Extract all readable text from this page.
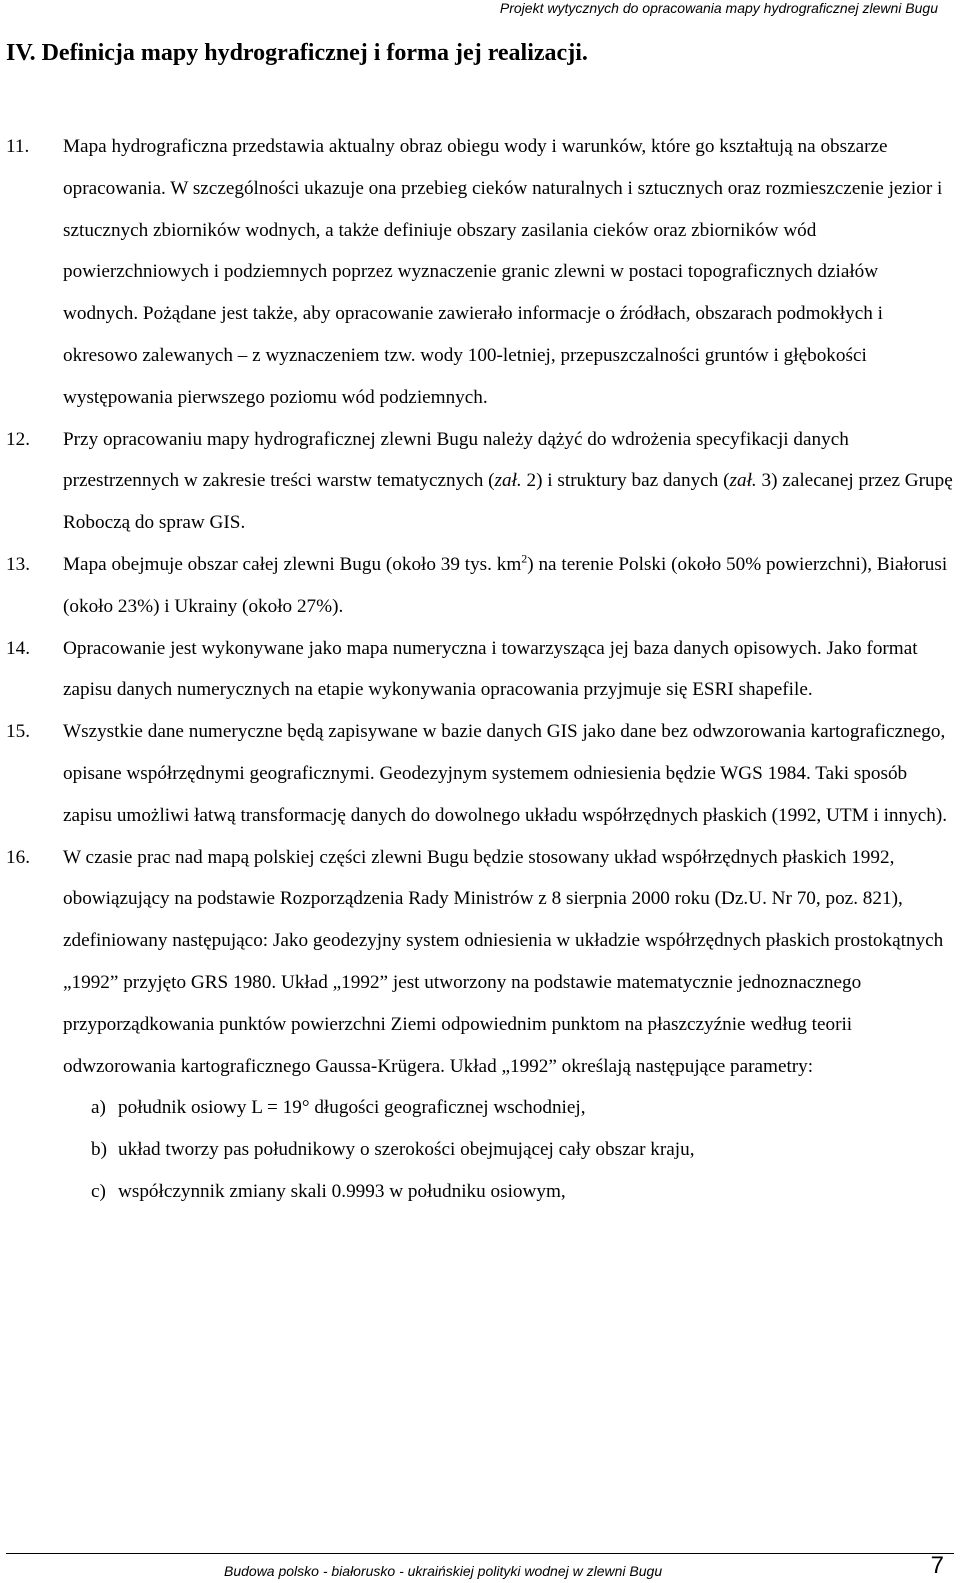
Projekt wytycznych do opracowania mapy hydrograficznej zlewni Bugu
IV. Definicja mapy hydrograficznej i forma jej realizacji.
11. Mapa hydrograficzna przedstawia aktualny obraz obiegu wody i warunków, które go kształtują na obszarze opracowania. W szczególności ukazuje ona przebieg cieków naturalnych i sztucznych oraz rozmieszczenie jezior i sztucznych zbiorników wodnych, a także definiuje obszary zasilania cieków oraz zbiorników wód powierzchniowych i podziemnych poprzez wyznaczenie granic zlewni w postaci topograficznych działów wodnych. Pożądane jest także, aby opracowanie zawierało informacje o źródłach, obszarach podmokłych i okresowo zalewanych – z wyznaczeniem tzw. wody 100-letniej, przepuszczalności gruntów i głębokości występowania pierwszego poziomu wód podziemnych.
12. Przy opracowaniu mapy hydrograficznej zlewni Bugu należy dążyć do wdrożenia specyfikacji danych przestrzennych w zakresie treści warstw tematycznych (zał. 2) i struktury baz danych (zał. 3) zalecanej przez Grupę Roboczą do spraw GIS.
13. Mapa obejmuje obszar całej zlewni Bugu (około 39 tys. $km^2$) na terenie Polski (około 50% powierzchni), Białorusi (około 23%) i Ukrainy (około 27%).
14. Opracowanie jest wykonywane jako mapa numeryczna i towarzysząca jej baza danych opisowych. Jako format zapisu danych numerycznych na etapie wykonywania opracowania przyjmuje się ESRI shapefile.
15. Wszystkie dane numeryczne będą zapisywane w bazie danych GIS jako dane bez odwzorowania kartograficznego, opisane współrzędnymi geograficznymi. Geodezyjnym systemem odniesienia będzie WGS 1984. Taki sposób zapisu umożliwi łatwą transformację danych do dowolnego układu współrzędnych płaskich (1992, UTM i innych).
16. W czasie prac nad mapą polskiej części zlewni Bugu będzie stosowany układ współrzędnych płaskich 1992, obowiązujący na podstawie Rozporządzenia Rady Ministrów z 8 sierpnia 2000 roku (Dz.U. Nr 70, poz. 821), zdefiniowany następująco: Jako geodezyjny system odniesienia w układzie współrzędnych płaskich prostokątnych „1992” przyjęto GRS 1980. Układ „1992” jest utworzony na podstawie matematycznie jednoznacznego przyporządkowania punktów powierzchni Ziemi odpowiednim punktom na płaszczyźnie według teorii odwzorowania kartograficznego Gaussa-Krügera. Układ „1992” określają następujące parametry:
a) południk osiowy L = 19° długości geograficznej wschodniej,
b) układ tworzy pas południkowy o szerokości obejmującej cały obszar kraju,
c) współczynnik zmiany skali 0.9993 w południku osiowym,
Budowa polsko - białorusko - ukraińskiej polityki wodnej w zlewni Bugu	7
